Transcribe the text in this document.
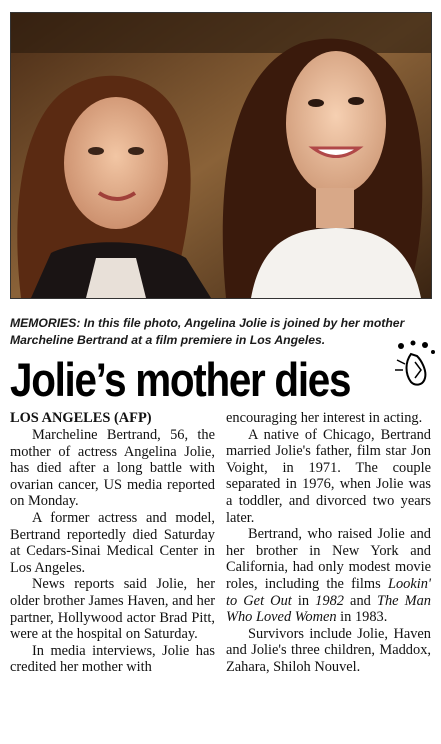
MEMORIES: In this file photo, Angelina Jolie is joined by her mother Marcheline Bertrand at a film premiere in Los Angeles.
Jolie’s mother dies

LOS ANGELES (AFP)

Marcheline Bertrand, 56, the mother of actress Angelina Jolie, has died after a long battle with ovarian cancer, US media reported on Monday.

A former actress and model, Bertrand reportedly died Saturday at Cedars-Sinai Medical Center in Los Angeles.

News reports said Jolie, her older brother James Haven, and her partner, Hollywood actor Brad Pitt, were at the hospital on Saturday.

In media interviews, Jolie has credited her mother with

encouraging her interest in acting.

A native of Chicago, Bertrand married Jolie's father, film star Jon Voight, in 1971. The couple separated in 1976, when Jolie was a toddler, and divorced two years later.

Bertrand, who raised Jolie and her brother in New York and California, had only modest movie roles, including the films Lookin' to Get Out in 1982 and The Man Who Loved Women in 1983.

Survivors include Jolie, Haven and Jolie's three children, Maddox, Zahara, Shiloh Nouvel.
